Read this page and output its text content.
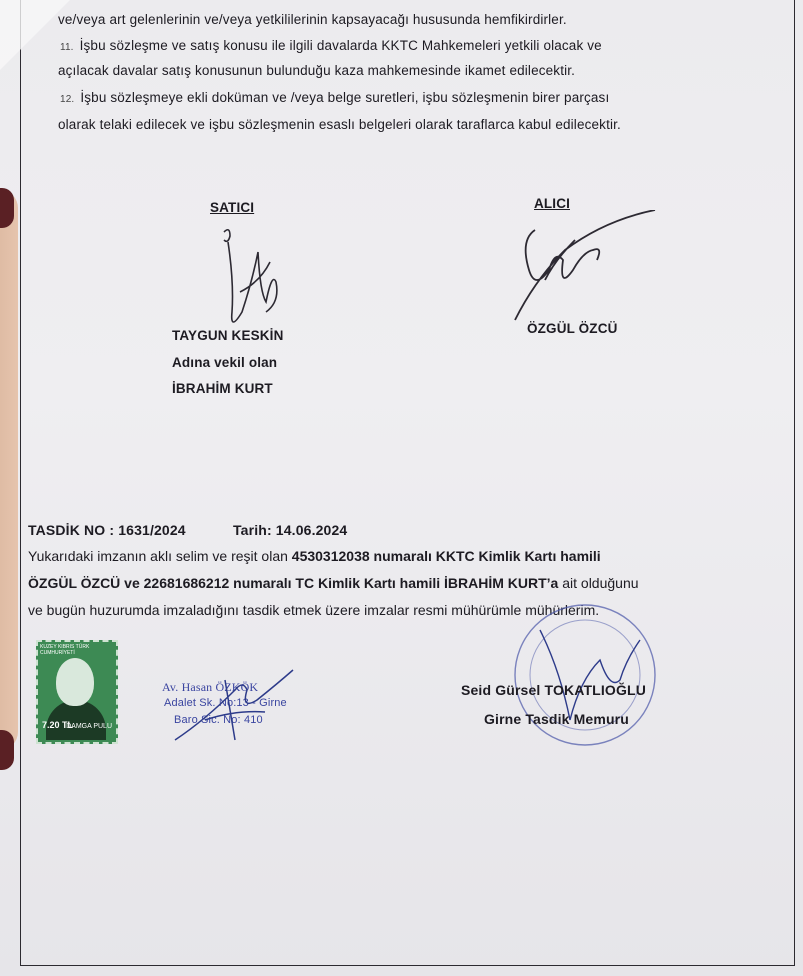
ve/veya art gelenlerinin ve/veya yetkililerinin kapsayacağı hususunda hemfikirdirler.
11. İşbu sözleşme ve satış konusu ile ilgili davalarda KKTC Mahkemeleri yetkili olacak ve
açılacak davalar satış konusunun bulunduğu kaza mahkemesinde ikamet edilecektir.
12. İşbu sözleşmeye ekli doküman ve /veya belge suretleri, işbu sözleşmenin birer parçası
olarak telaki edilecek ve işbu sözleşmenin esaslı belgeleri olarak taraflarca kabul edilecektir.
SATICI	ALICI
TAYGUN KESKİN
Adına vekil olan
İBRAHİM KURT
ÖZGÜL ÖZCÜ
TASDİK NO : 1631/2024	Tarih: 14.06.2024
Yukarıdaki imzanın aklı selim ve reşit olan 4530312038 numaralı KKTC Kimlik Kartı hamili
ÖZGÜL ÖZCÜ ve 22681686212 numaralı TC Kimlik Kartı hamili İBRAHİM KURT’a ait olduğunu
ve bugün huzurumda imzaladığını tasdik etmek üzere imzalar resmi mühürümle mühürlerim.
KUZEY KIBRIS TÜRK CUMHURİYETİ
7.20 TL
DAMGA PULU
Av. Hasan ÖZKÖK
Adalet Sk. No:13 - Girne
Baro Sic. No: 410
Seid Gürsel TOKATLIOĞLU
Girne Tasdik Memuru
